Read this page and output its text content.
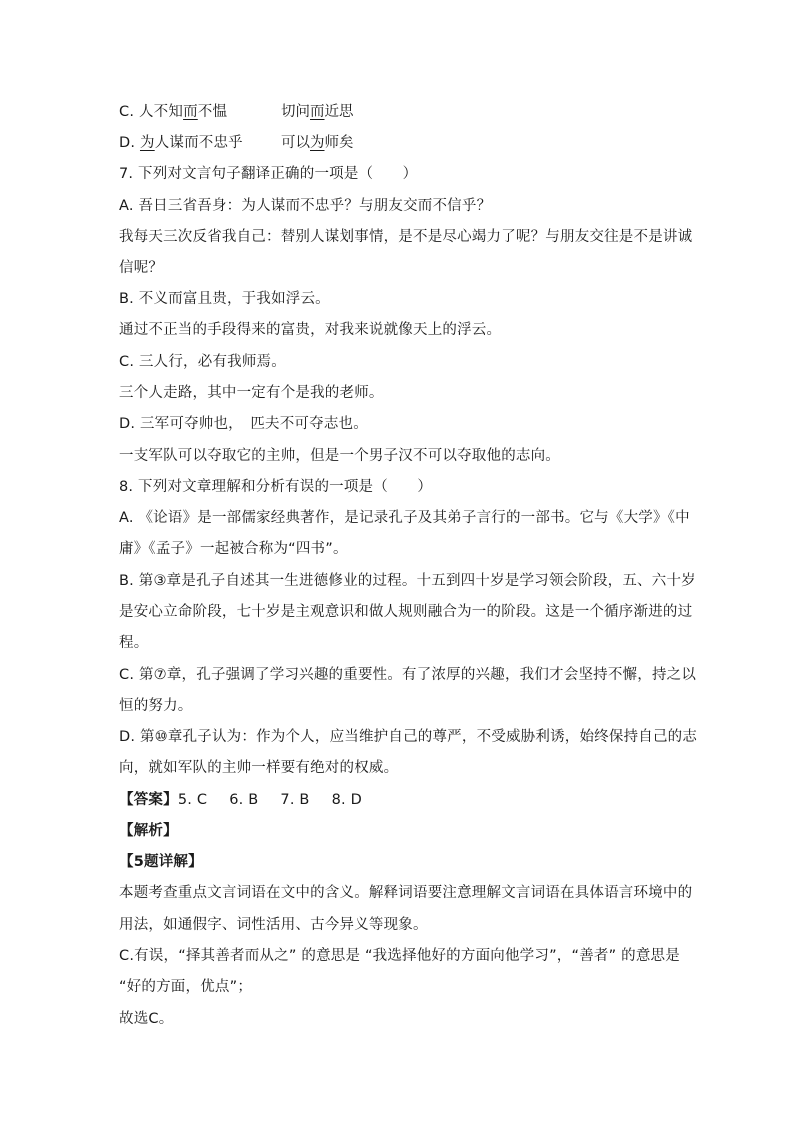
C. 人不知而不愠	切问而近思
D. 为人谋而不忠乎	可以为师矣
7. 下列对文言句子翻译正确的一项是（　　）
A. 吾日三省吾身：为人谋而不忠乎？与朋友交而不信乎？
我每天三次反省我自己：替别人谋划事情，是不是尽心竭力了呢？与朋友交往是不是讲诚
信呢？
B. 不义而富且贵，于我如浮云。
通过不正当的手段得来的富贵，对我来说就像天上的浮云。
C. 三人行，必有我师焉。
三个人走路，其中一定有个是我的老师。
D. 三军可夺帅也，　匹夫不可夺志也。
一支军队可以夺取它的主帅，但是一个男子汉不可以夺取他的志向。
8. 下列对文章理解和分析有误的一项是（　　）
A. 《论语》是一部儒家经典著作，是记录孔子及其弟子言行的一部书。它与《大学》《中
庸》《孟子》一起被合称为“四书”。
B. 第③章是孔子自述其一生进德修业的过程。十五到四十岁是学习领会阶段，五、六十岁
是安心立命阶段，七十岁是主观意识和做人规则融合为一的阶段。这是一个循序渐进的过
程。
C. 第⑦章，孔子强调了学习兴趣的重要性。有了浓厚的兴趣，我们才会坚持不懈，持之以
恒的努力。
D. 第⑩章孔子认为：作为个人，应当维护自己的尊严，不受威胁利诱，始终保持自己的志
向，就如军队的主帅一样要有绝对的权威。
【答案】5. C 6. B 7. B 8. D
【解析】
【5题详解】
本题考查重点文言词语在文中的含义。解释词语要注意理解文言词语在具体语言环境中的
用法，如通假字、词性活用、古今异义等现象。
C.有误，“择其善者而从之” 的意思是 “我选择他好的方面向他学习”，“善者” 的意思是
“好的方面，优点”；
故选C。
